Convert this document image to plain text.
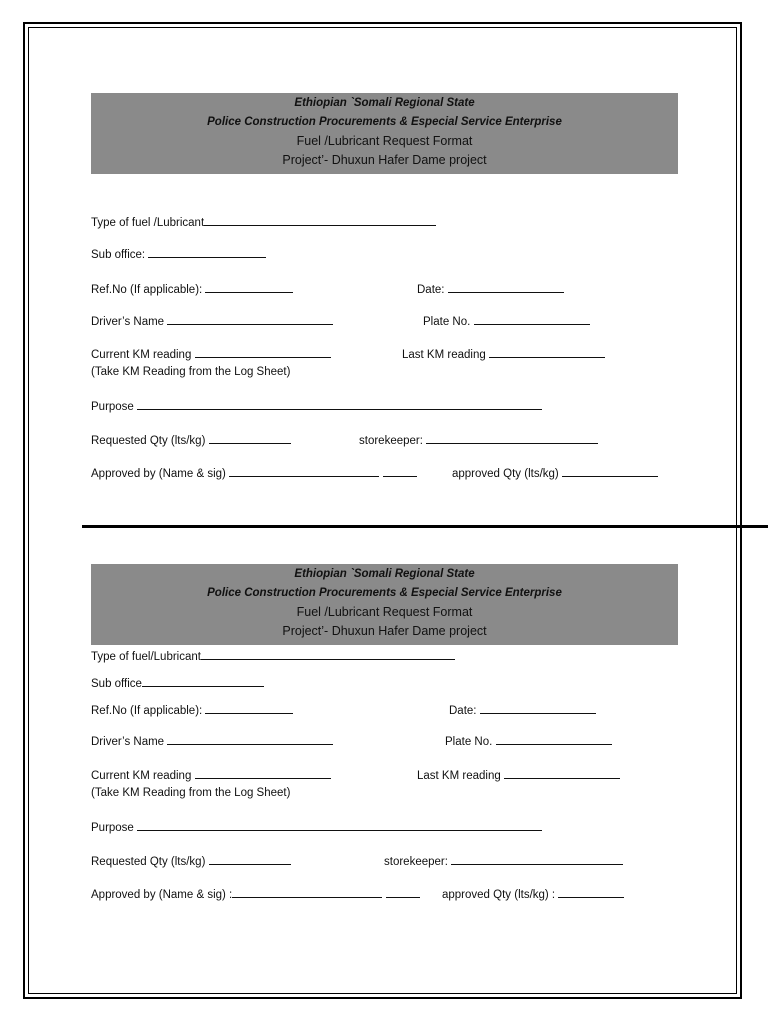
Ethiopian `Somali Regional State
Police Construction Procurements & Especial Service Enterprise
Fuel /Lubricant Request Format
Project’- Dhuxun Hafer Dame project
Type of fuel /Lubricant
Sub office:
Ref.No (If applicable):	Date:
Driver’s Name	Plate No.
Current KM reading	Last KM reading
(Take KM Reading from the Log Sheet)
Purpose
Requested Qty (lts/kg)	storekeeper:
Approved by (Name & sig)	approved Qty (lts/kg)
Ethiopian `Somali Regional State
Police Construction Procurements & Especial Service Enterprise
Fuel /Lubricant Request Format
Project’- Dhuxun Hafer Dame project
Type of fuel/Lubricant
Sub office
Ref.No (If applicable):	Date:
Driver’s Name	Plate No.
Current KM reading	Last KM reading
(Take KM Reading from the Log Sheet)
Purpose
Requested Qty (lts/kg)	storekeeper:
Approved by (Name & sig) :	approved Qty (lts/kg) :
